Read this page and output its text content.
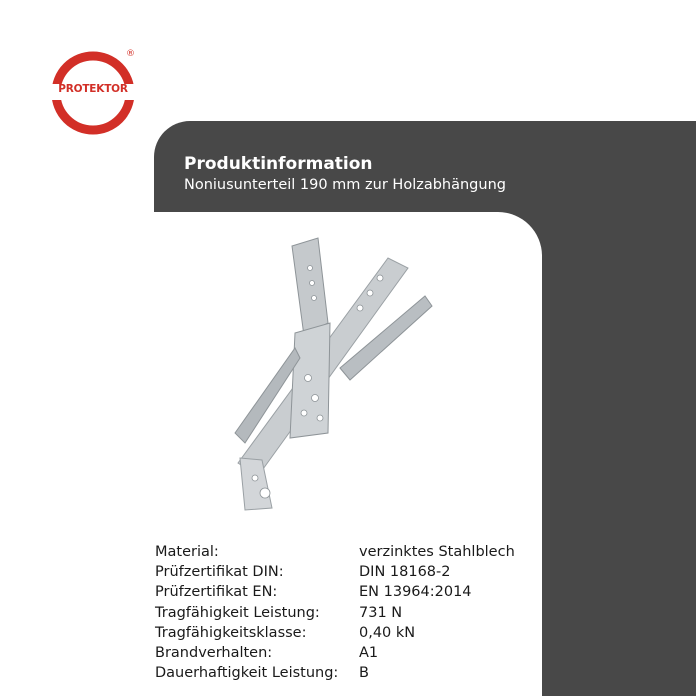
PROTEKTOR
®
Produktinformation
Noniusunterteil 190 mm zur Holzabhängung
Material:	verzinktes Stahlblech
Prüfzertifikat DIN:	DIN 18168-2
Prüfzertifikat EN:	EN 13964:2014
Tragfähigkeit Leistung:	731 N
Tragfähigkeitsklasse:	0,40 kN
Brandverhalten:	A1
Dauerhaftigkeit Leistung: B
